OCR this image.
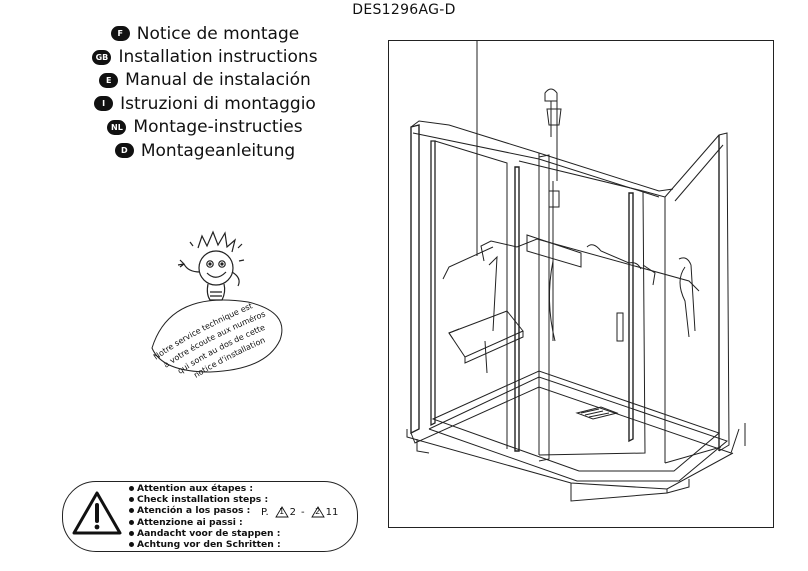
DES1296AG-D
F Notice de montage
GB Installation instructions
E Manual de instalación
I Istruzioni di montaggio
NL Montage-instructies
D Montageanleitung
Notre service technique est
à votre écoute aux numéros
qui sont au dos de cette
notice d'installation
Attention aux étapes :
Check installation steps :
Atención a los pasos :
Attenzione ai passi :
Aandacht voor de stappen :
Achtung vor den Schritten :
P.	1 2 -	2 11
